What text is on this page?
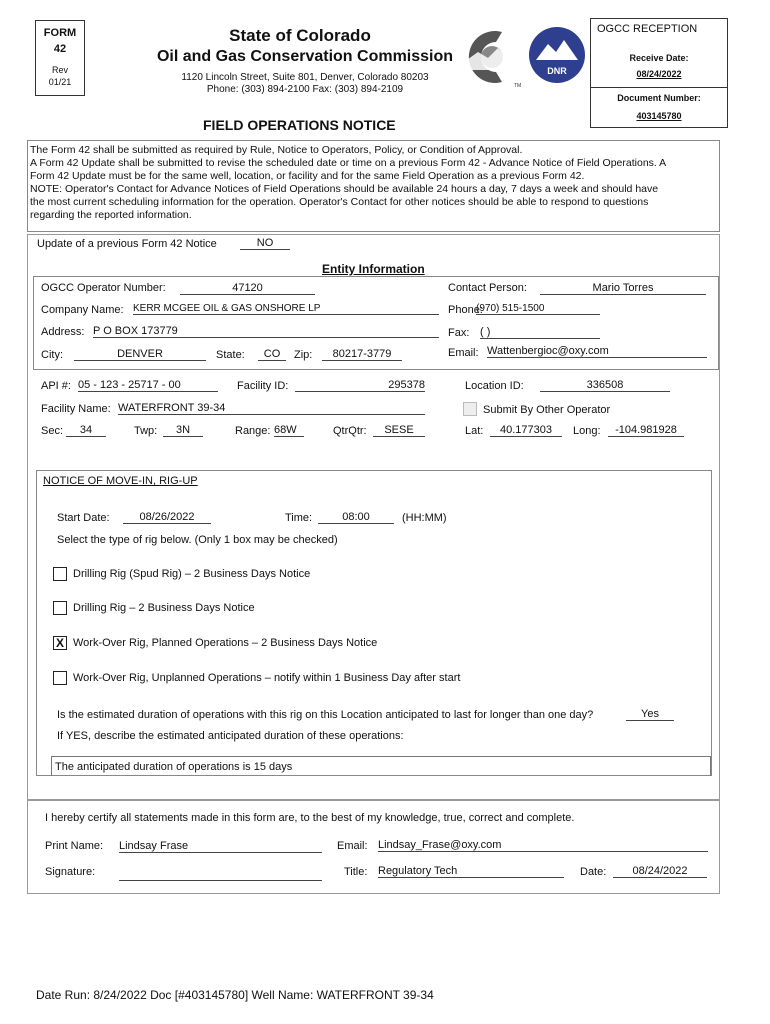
FORM
42
Rev
01/21
State of Colorado
Oil and Gas Conservation Commission
1120 Lincoln Street, Suite 801, Denver, Colorado 80203
Phone: (303) 894-2100 Fax: (303) 894-2109	TM
DNR
OGCC RECEPTION
Receive Date:
08/24/2022
Document Number:
403145780
FIELD OPERATIONS NOTICE
The Form 42 shall be submitted as required by Rule, Notice to Operators, Policy, or Condition of Approval.
A Form 42 Update shall be submitted to revise the scheduled date or time on a previous Form 42 - Advance Notice of Field Operations. A
Form 42 Update must be for the same well, location, or facility and for the same Field Operation as a previous Form 42.
NOTE: Operator's Contact for Advance Notices of Field Operations should be available 24 hours a day, 7 days a week and should have
the most current scheduling information for the operation. Operator's Contact for other notices should be able to respond to questions
regarding the reported information.
Update of a previous Form 42 Notice	NO
Entity Information
OGCC Operator Number:	47120	Contact Person:	Mario Torres
Company Name: KERR MCGEE OIL & GAS ONSHORE LP	Phone:
(970) 515-1500
Address: P O BOX 173779	Fax: ( )
City:	DENVER	State:	CO	Zip:	80217-3779	Email: Wattenbergioc@oxy.com
API #: 05 - 123 - 25717 - 00	Facility ID:	295378	Location ID:	336508
Facility Name: WATERFRONT 39-34	Submit By Other Operator
Sec:	34	Twp:	3N	Range: 68W	QtrQtr:	SESE	Lat:	40.177303	Long:	-104.981928
NOTICE OF MOVE-IN, RIG-UP
Start Date:	08/26/2022	Time:	08:00	(HH:MM)
Select the type of rig below. (Only 1 box may be checked)
Drilling Rig (Spud Rig) – 2 Business Days Notice
Drilling Rig – 2 Business Days Notice
X Work-Over Rig, Planned Operations – 2 Business Days Notice
Work-Over Rig, Unplanned Operations – notify within 1 Business Day after start
Is the estimated duration of operations with this rig on this Location anticipated to last for longer than one day?	Yes
If YES, describe the estimated anticipated duration of these operations:
The anticipated duration of operations is 15 days
I hereby certify all statements made in this form are, to the best of my knowledge, true, correct and complete.
Print Name: Lindsay Frase	Email: Lindsay_Frase@oxy.com
Signature:	Title: Regulatory Tech	Date:	08/24/2022
Date Run: 8/24/2022 Doc [#403145780] Well Name: WATERFRONT 39-34
